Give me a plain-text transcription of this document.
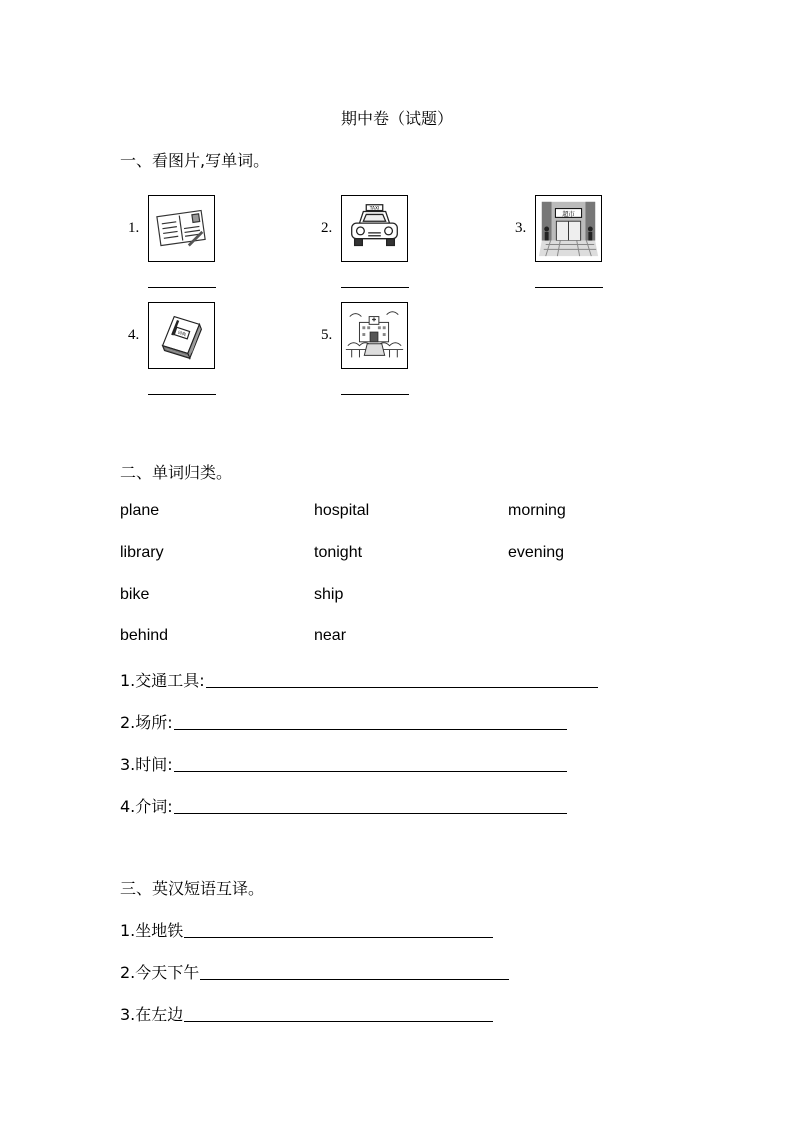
期中卷（试题）
一、看图片,写单词。
1.	2.
TAXI
3.
超市
4.	词典	5.
二、单词归类。
plane	hospital	morning
library	tonight	evening
bike	ship
behind	near
1.交通工具:
2.场所:
3.时间:
4.介词:
三、英汉短语互译。
1.坐地铁
2.今天下午
3.在左边
